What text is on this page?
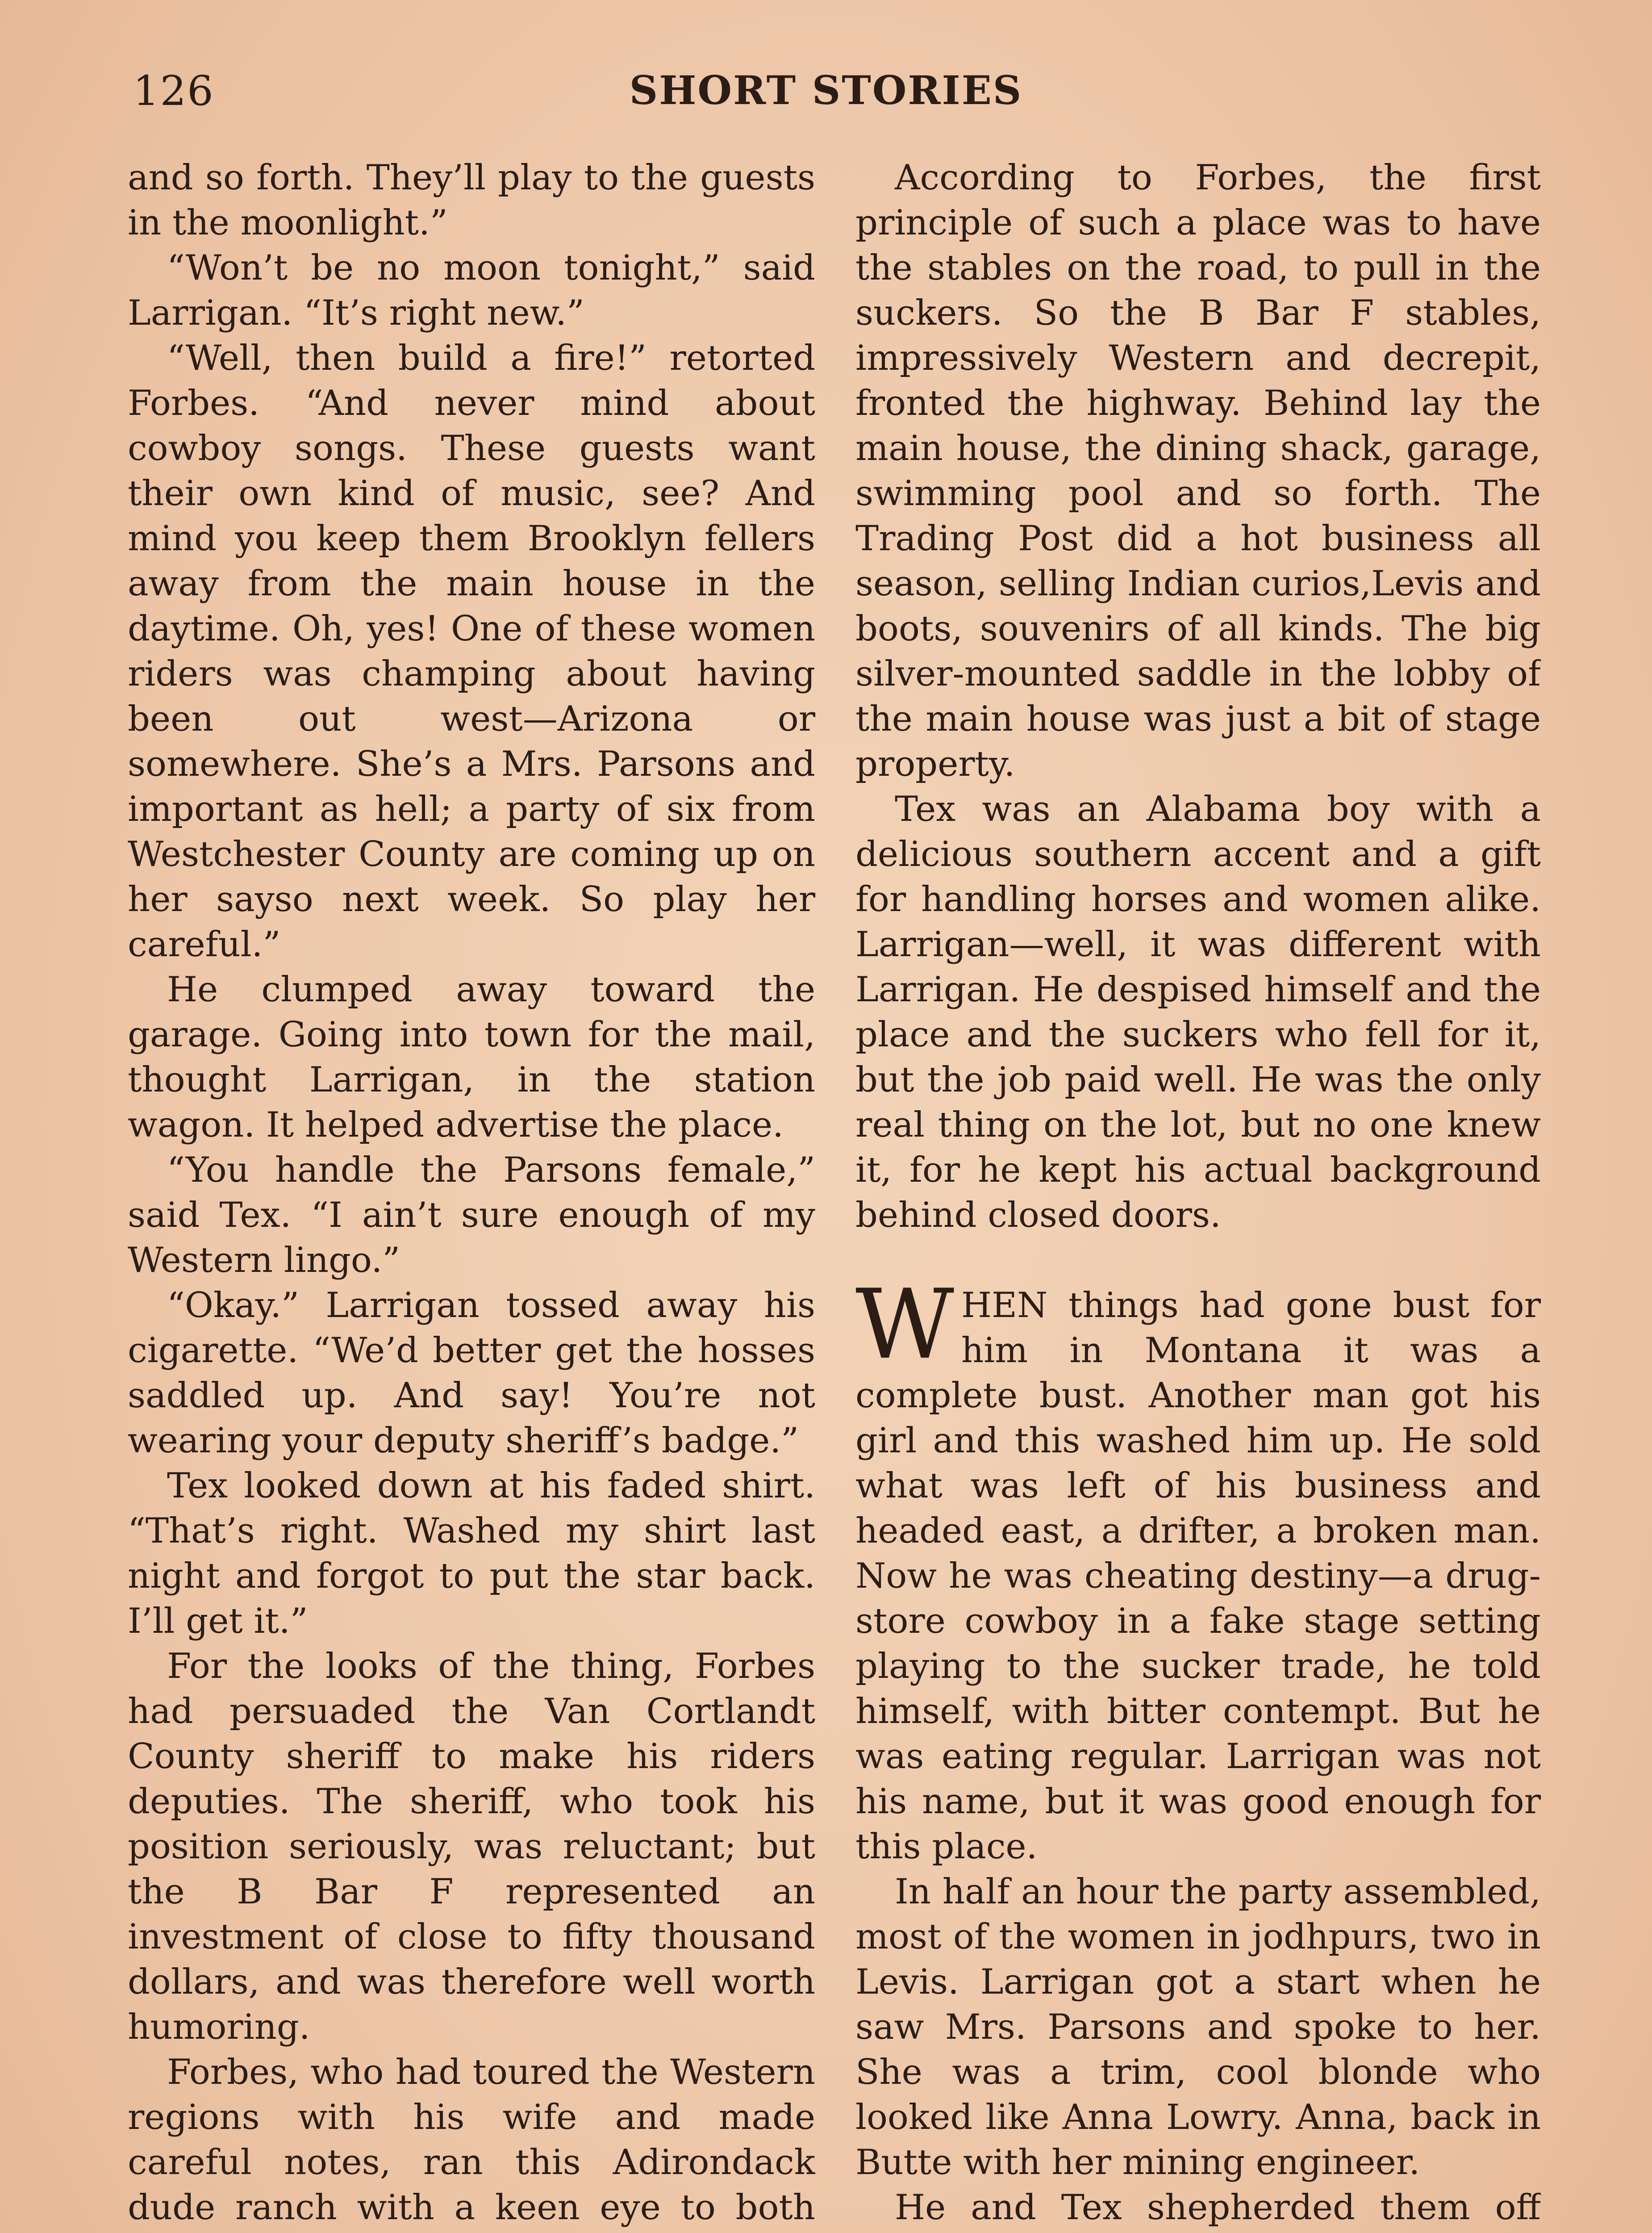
126	SHORT STORIES

and so forth. They’ll play to the guests in the moonlight.”

“Won’t be no moon tonight,” said Larrigan. “It’s right new.”

“Well, then build a fire!” retorted Forbes. “And never mind about cowboy songs. These guests want their own kind of music, see? And mind you keep them Brooklyn fellers away from the main house in the daytime. Oh, yes! One of these women riders was champing about having been out west—Arizona or somewhere. She’s a Mrs. Parsons and important as hell; a party of six from Westchester County are coming up on her sayso next week. So play her careful.”

He clumped away toward the garage. Going into town for the mail, thought Larrigan, in the station wagon. It helped advertise the place.

“You handle the Parsons female,” said Tex. “I ain’t sure enough of my Western lingo.”

“Okay.” Larrigan tossed away his cigarette. “We’d better get the hosses saddled up. And say! You’re not wearing your deputy sheriff’s badge.”

Tex looked down at his faded shirt. “That’s right. Washed my shirt last night and forgot to put the star back. I’ll get it.”

For the looks of the thing, Forbes had persuaded the Van Cortlandt County sheriff to make his riders deputies. The sheriff, who took his position seriously, was reluctant; but the B Bar F represented an investment of close to fifty thousand dollars, and was therefore well worth humoring.

Forbes, who had toured the Western regions with his wife and made careful notes, ran this Adirondack dude ranch with a keen eye to both

According to Forbes, the first principle of such a place was to have the stables on the road, to pull in the suckers. So the B Bar F stables, impressively Western and decrepit, fronted the highway. Behind lay the main house, the dining shack, garage, swimming pool and so forth. The Trading Post did a hot business all season, selling Indian curios,Levis and boots, souvenirs of all kinds. The big silver-mounted saddle in the lobby of the main house was just a bit of stage property.

Tex was an Alabama boy with a delicious southern accent and a gift for handling horses and women alike. Larrigan—well, it was different with Larrigan. He despised himself and the place and the suckers who fell for it, but the job paid well. He was the only real thing on the lot, but no one knew it, for he kept his actual background behind closed doors.

WHEN things had gone bust for him in Montana it was a complete bust. Another man got his girl and this washed him up. He sold what was left of his business and headed east, a drifter, a broken man. Now he was cheating destiny—a drug-store cowboy in a fake stage setting playing to the sucker trade, he told himself, with bitter contempt. But he was eating regular. Larrigan was not his name, but it was good enough for this place.

In half an hour the party assembled, most of the women in jodhpurs, two in Levis. Larrigan got a start when he saw Mrs. Parsons and spoke to her. She was a trim, cool blonde who looked like Anna Lowry. Anna, back in Butte with her mining engineer.

He and Tex shepherded them off
